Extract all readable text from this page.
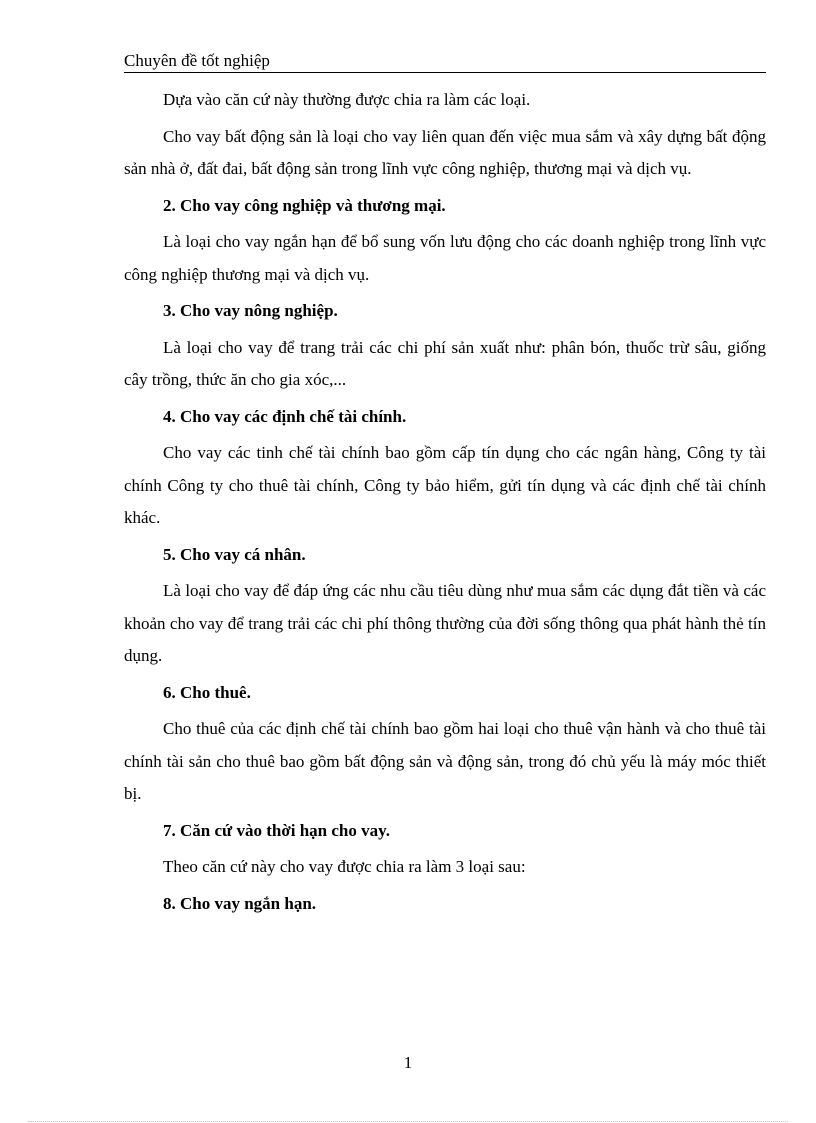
Chuyên đề tốt nghiệp

Dựa vào căn cứ này thường được chia ra làm các loại.

Cho vay bất động sản là loại cho vay liên quan đến việc mua sắm và xây dựng bất động sản nhà ở, đất đai, bất động sản trong lĩnh vực công nghiệp, thương mại và dịch vụ.

2. Cho vay công nghiệp và thương mại.

Là loại cho vay ngắn hạn để bổ sung vốn lưu động cho các doanh nghiệp trong lĩnh vực công nghiệp thương mại và dịch vụ.

3. Cho vay nông nghiệp.

Là loại cho vay để trang trải các chi phí sản xuất như: phân bón, thuốc trừ sâu, giống cây trồng, thức ăn cho gia xóc,...

4. Cho vay các định chế tài chính.

Cho vay các tinh chế tài chính bao gồm cấp tín dụng cho các ngân hàng, Công ty tài chính Công ty cho thuê tài chính, Công ty bảo hiểm, gửi tín dụng và các định chế tài chính khác.

5. Cho vay cá nhân.

Là loại cho vay để đáp ứng các nhu cầu tiêu dùng như mua sắm các dụng đắt tiền và các khoản cho vay để trang trải các chi phí thông thường của đời sống thông qua phát hành thẻ tín dụng.

6. Cho thuê.

Cho thuê của các định chế tài chính bao gồm hai loại cho thuê vận hành và cho thuê tài chính tài sản cho thuê bao gồm bất động sản và động sản, trong đó chủ yếu là máy móc thiết bị.

7. Căn cứ vào thời hạn cho vay.

Theo căn cứ này cho vay được chia ra làm 3 loại sau:

8. Cho vay ngắn hạn.
1
